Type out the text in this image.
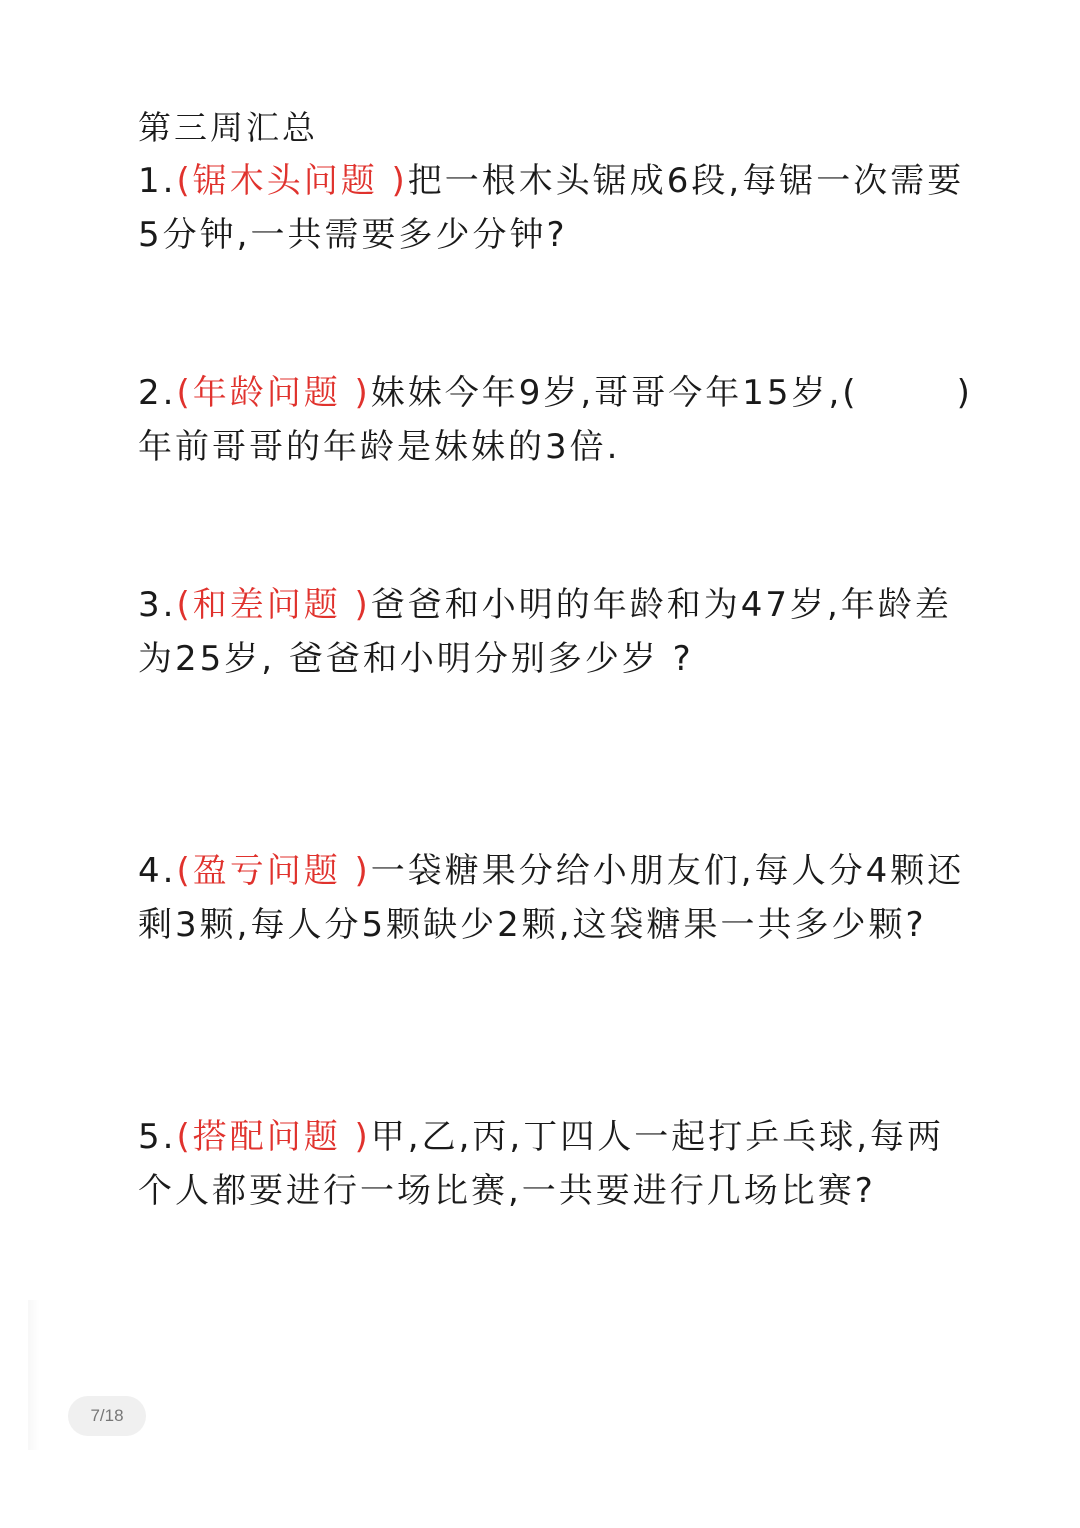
第三周汇总
1.(锯木头问题 )把一根木头锯成6段,每锯一次需要
5分钟,一共需要多少分钟?
2.(年龄问题 )妹妹今年9岁,哥哥今年15岁,(	)
年前哥哥的年龄是妹妹的3倍.
3.(和差问题 )爸爸和小明的年龄和为47岁,年龄差
为25岁, 爸爸和小明分别多少岁 ?
4.(盈亏问题 )一袋糖果分给小朋友们,每人分4颗还
剩3颗,每人分5颗缺少2颗,这袋糖果一共多少颗?
5.(搭配问题 )甲,乙,丙,丁四人一起打乒乓球,每两
个人都要进行一场比赛,一共要进行几场比赛?
7/18
